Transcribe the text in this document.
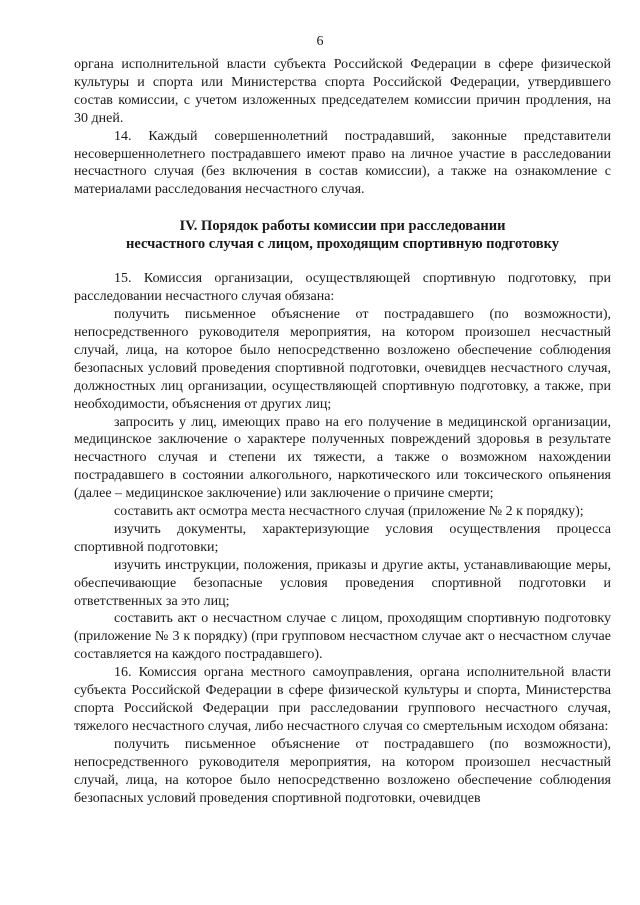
6

органа исполнительной власти субъекта Российской Федерации в сфере физической культуры и спорта или Министерства спорта Российской Федерации, утвердившего состав комиссии, с учетом изложенных председателем комиссии причин продления, на 30 дней.

14. Каждый совершеннолетний пострадавший, законные представители несовершеннолетнего пострадавшего имеют право на личное участие в расследовании несчастного случая (без включения в состав комиссии), а также на ознакомление с материалами расследования несчастного случая.

IV. Порядок работы комиссии при расследовании
несчастного случая с лицом, проходящим спортивную подготовку

15. Комиссия организации, осуществляющей спортивную подготовку, при расследовании несчастного случая обязана:

получить письменное объяснение от пострадавшего (по возможности), непосредственного руководителя мероприятия, на котором произошел несчастный случай, лица, на которое было непосредственно возложено обеспечение соблюдения безопасных условий проведения спортивной подготовки, очевидцев несчастного случая, должностных лиц организации, осуществляющей спортивную подготовку, а также, при необходимости, объяснения от других лиц;

запросить у лиц, имеющих право на его получение в медицинской организации, медицинское заключение о характере полученных повреждений здоровья в результате несчастного случая и степени их тяжести, а также о возможном нахождении пострадавшего в состоянии алкогольного, наркотического или токсического опьянения (далее – медицинское заключение) или заключение о причине смерти;

составить акт осмотра места несчастного случая (приложение № 2 к порядку);

изучить документы, характеризующие условия осуществления процесса спортивной подготовки;

изучить инструкции, положения, приказы и другие акты, устанавливающие меры, обеспечивающие безопасные условия проведения спортивной подготовки и ответственных за это лиц;

составить акт о несчастном случае с лицом, проходящим спортивную подготовку (приложение № 3 к порядку) (при групповом несчастном случае акт о несчастном случае составляется на каждого пострадавшего).

16. Комиссия органа местного самоуправления, органа исполнительной власти субъекта Российской Федерации в сфере физической культуры и спорта, Министерства спорта Российской Федерации при расследовании группового несчастного случая, тяжелого несчастного случая, либо несчастного случая со смертельным исходом обязана:

получить письменное объяснение от пострадавшего (по возможности), непосредственного руководителя мероприятия, на котором произошел несчастный случай, лица, на которое было непосредственно возложено обеспечение соблюдения безопасных условий проведения спортивной подготовки, очевидцев
